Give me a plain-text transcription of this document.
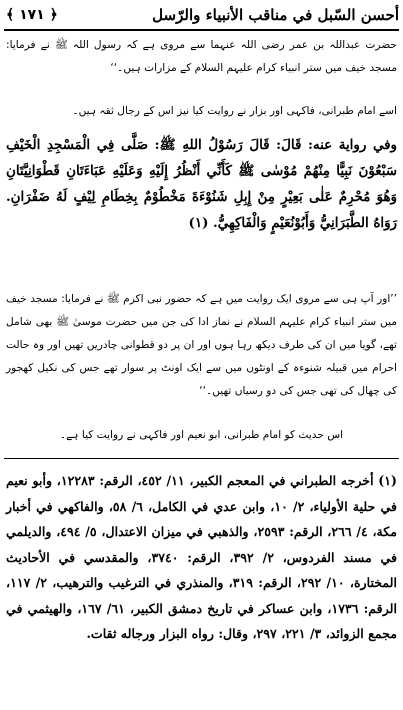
أحسن السّبل في مناقب الأنبياء والرّسل
﴿ ١٧١ ﴾
حضرت عبداللہ بن عمر رضی اللہ عنہما سے مروی ہے کہ رسول اللہ ﷺ نے فرمایا: مسجد خیف میں ستر انبیاء کرام علیہم السلام کے مزارات ہیں۔‘‘
اسے امام طبرانی، فاکہی اور بزار نے روایت کیا نیز اس کے رجال ثقہ ہیں۔
وفي رواية عنه: قَالَ: قَالَ رَسُوْلُ اللهِ ﷺ: صَلَّى فِي الْمَسْجِدِ الْخَيْفِ سَبْعُوْنَ نَبِيًّا مِنْهُمْ مُوْسٰى ﷺ كَأَنِّي أَنْظُرُ إِلَيْهِ وَعَلَيْهِ عَبَاءَتَانِ قَطْوَانِيَّتَانِ وَهُوَ مُحْرِمٌ عَلٰى بَعِيْرٍ مِنْ إِبِلِ شَنُوْءَةَ مَخْطُوْمٌ بِخِطَامِ لِيْفٍ لَهُ ضَفْرَانِ. رَوَاهُ الطَّبَرَانِيُّ وَأَبُوْنُعَيْمٍ وَالْفَاكِهِيُّ. (١)
’’اور آپ ہی سے مروی ایک روایت میں ہے کہ حضور نبی اکرم ﷺ نے فرمایا: مسجد خیف میں ستر انبیاء کرام علیہم السلام نے نماز ادا کی جن میں حضرت موسیٰ ﷺ بھی شامل تھے، گویا میں ان کی طرف دیکھ رہا ہوں اور ان پر دو قطوانی چادریں تھیں اور وہ حالت احرام میں قبیلہ شنوءہ کے اونٹوں میں سے ایک اونٹ پر سوار تھے جس کی نکیل کھجور کی چھال کی تھی جس کی دو رسیاں تھیں۔‘‘
اس حدیث کو امام طبرانی، ابو نعیم اور فاکہی نے روایت کیا ہے۔
(١) أخرجه الطبراني في المعجم الكبير، ١١/ ٤٥٢، الرقم: ١٢٢٨٣، وأبو نعيم في حلية الأولياء، ٢/ ١٠، وابن عدي في الكامل، ٦/ ٥٨، والفاكهي في أخبار مكة، ٤/ ٢٦٦، الرقم: ٢٥٩٣، والذهبي في ميزان الاعتدال، ٥/ ٤٩٤، والديلمي في مسند الفردوس، ٢/ ٣٩٢، الرقم: ٣٧٤٠، والمقدسي في الأحاديث المختارة، ١٠/ ٢٩٢، الرقم: ٣١٩، والمنذري في الترغيب والترهيب، ٢/ ١١٧، الرقم: ١٧٣٦، وابن عساكر في تاريخ دمشق الكبير، ٦١/ ١٦٧، والهيثمي في مجمع الزوائد، ٣/ ٢٢١، ٢٩٧، وقال: رواه البزار ورجاله ثقات.
